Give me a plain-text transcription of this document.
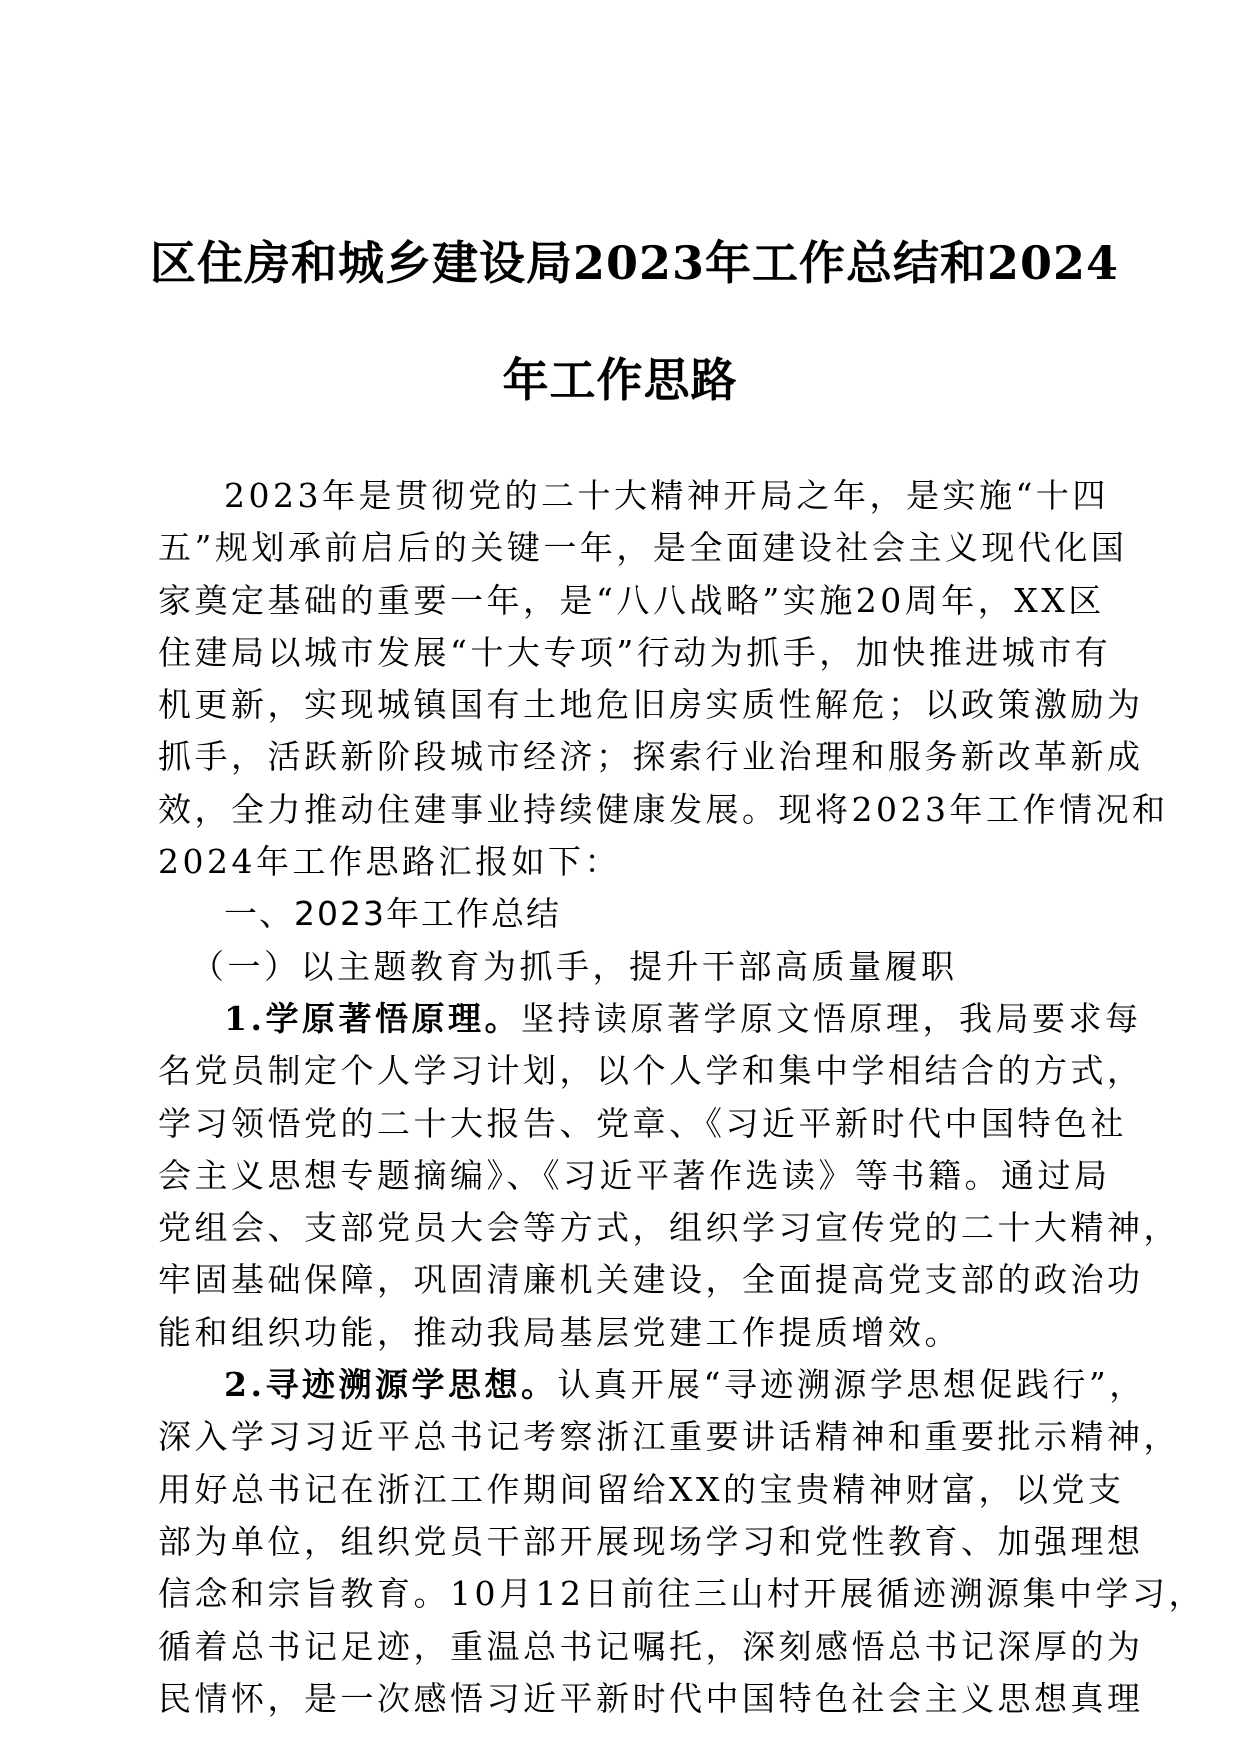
区住房和城乡建设局2023年工作总结和2024
年工作思路
2023年是贯彻党的二十大精神开局之年，是实施“十四
五”规划承前启后的关键一年，是全面建设社会主义现代化国
家奠定基础的重要一年，是“八八战略”实施20周年，XX区
住建局以城市发展“十大专项”行动为抓手，加快推进城市有
机更新，实现城镇国有土地危旧房实质性解危；以政策激励为
抓手，活跃新阶段城市经济；探索行业治理和服务新改革新成
效，全力推动住建事业持续健康发展。现将2023年工作情况和
2024年工作思路汇报如下：
一、2023年工作总结
（一）以主题教育为抓手，提升干部高质量履职
1.学原著悟原理。坚持读原著学原文悟原理，我局要求每
名党员制定个人学习计划，以个人学和集中学相结合的方式，
学习领悟党的二十大报告、党章、《习近平新时代中国特色社
会主义思想专题摘编》、《习近平著作选读》等书籍。通过局
党组会、支部党员大会等方式，组织学习宣传党的二十大精神，
牢固基础保障，巩固清廉机关建设，全面提高党支部的政治功
能和组织功能，推动我局基层党建工作提质增效。
2.寻迹溯源学思想。认真开展“寻迹溯源学思想促践行”，
深入学习习近平总书记考察浙江重要讲话精神和重要批示精神，
用好总书记在浙江工作期间留给XX的宝贵精神财富，以党支
部为单位，组织党员干部开展现场学习和党性教育、加强理想
信念和宗旨教育。10月12日前往三山村开展循迹溯源集中学习，
循着总书记足迹，重温总书记嘱托，深刻感悟总书记深厚的为
民情怀，是一次感悟习近平新时代中国特色社会主义思想真理
